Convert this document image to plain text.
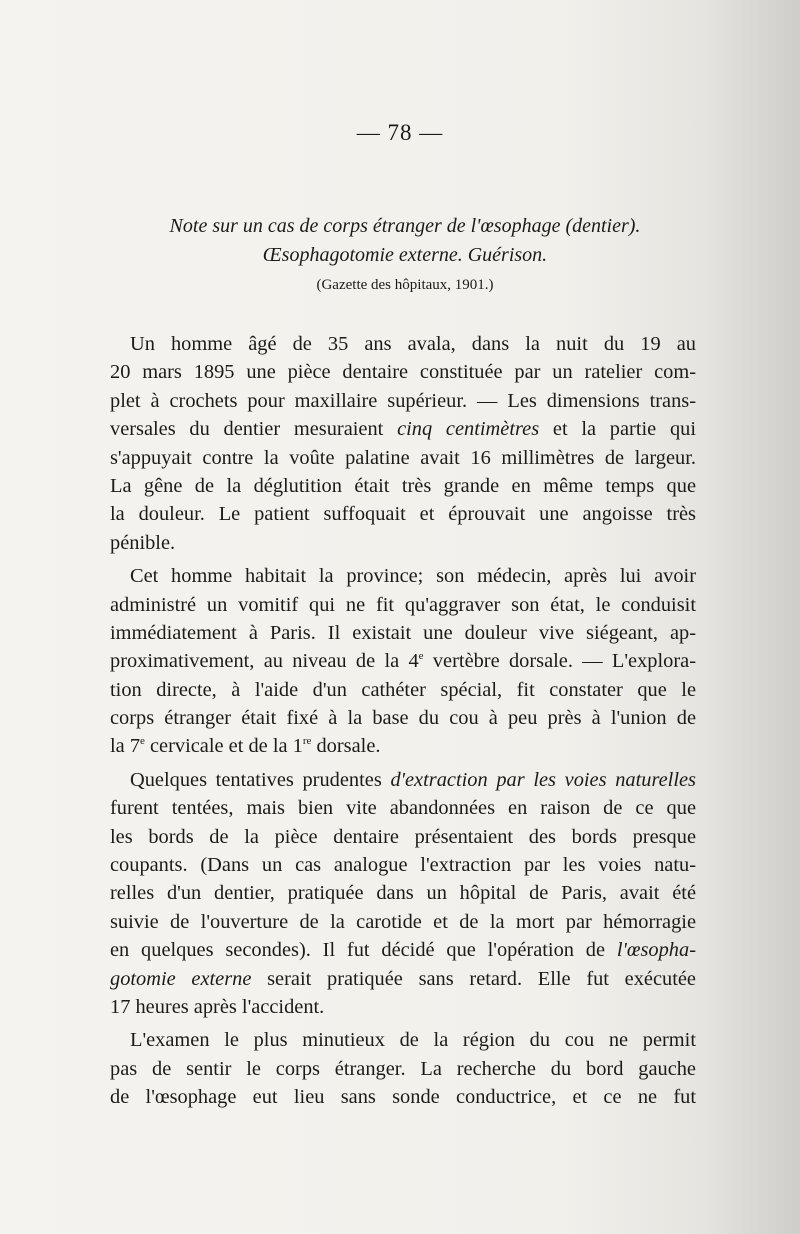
— 78 —
Note sur un cas de corps étranger de l'œsophage (dentier).
Œsophagotomie externe. Guérison.
(Gazette des hôpitaux, 1901.)
Un homme âgé de 35 ans avala, dans la nuit du 19 au
20 mars 1895 une pièce dentaire constituée par un ratelier com-
plet à crochets pour maxillaire supérieur. — Les dimensions trans-
versales du dentier mesuraient cinq centimètres et la partie qui
s'appuyait contre la voûte palatine avait 16 millimètres de largeur.
La gêne de la déglutition était très grande en même temps que
la douleur. Le patient suffoquait et éprouvait une angoisse très
pénible.
Cet homme habitait la province; son médecin, après lui avoir
administré un vomitif qui ne fit qu'aggraver son état, le conduisit
immédiatement à Paris. Il existait une douleur vive siégeant, ap-
proximativement, au niveau de la 4e vertèbre dorsale. — L'explora-
tion directe, à l'aide d'un cathéter spécial, fit constater que le
corps étranger était fixé à la base du cou à peu près à l'union de
la 7e cervicale et de la 1re dorsale.
Quelques tentatives prudentes d'extraction par les voies naturelles
furent tentées, mais bien vite abandonnées en raison de ce que
les bords de la pièce dentaire présentaient des bords presque
coupants. (Dans un cas analogue l'extraction par les voies natu-
relles d'un dentier, pratiquée dans un hôpital de Paris, avait été
suivie de l'ouverture de la carotide et de la mort par hémorragie
en quelques secondes). Il fut décidé que l'opération de l'œsopha-
gotomie externe serait pratiquée sans retard. Elle fut exécutée
17 heures après l'accident.
L'examen le plus minutieux de la région du cou ne permit
pas de sentir le corps étranger. La recherche du bord gauche
de l'œsophage eut lieu sans sonde conductrice, et ce ne fut
